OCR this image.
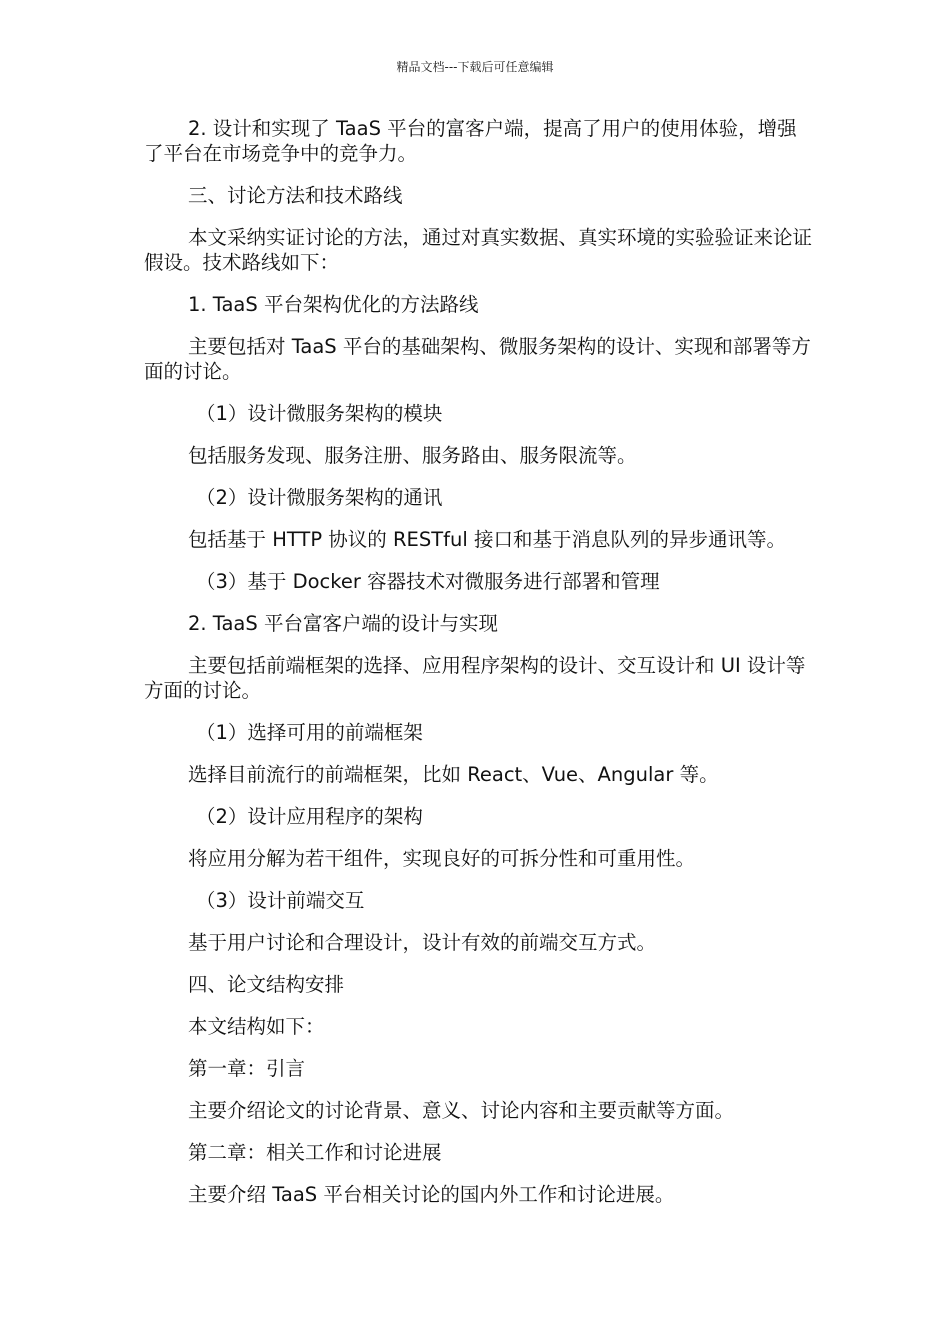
精品文档---下载后可任意编辑

2. 设计和实现了 TaaS 平台的富客户端，提高了用户的使用体验，增强了平台在市场竞争中的竞争力。

三、讨论方法和技术路线

本文采纳实证讨论的方法，通过对真实数据、真实环境的实验验证来论证假设。技术路线如下：

1. TaaS 平台架构优化的方法路线

主要包括对 TaaS 平台的基础架构、微服务架构的设计、实现和部署等方面的讨论。

（1）设计微服务架构的模块

包括服务发现、服务注册、服务路由、服务限流等。

（2）设计微服务架构的通讯

包括基于 HTTP 协议的 RESTful 接口和基于消息队列的异步通讯等。

（3）基于 Docker 容器技术对微服务进行部署和管理

2. TaaS 平台富客户端的设计与实现

主要包括前端框架的选择、应用程序架构的设计、交互设计和 UI 设计等方面的讨论。

（1）选择可用的前端框架

选择目前流行的前端框架，比如 React、Vue、Angular 等。

（2）设计应用程序的架构

将应用分解为若干组件，实现良好的可拆分性和可重用性。

（3）设计前端交互

基于用户讨论和合理设计，设计有效的前端交互方式。

四、论文结构安排

本文结构如下：

第一章：引言

主要介绍论文的讨论背景、意义、讨论内容和主要贡献等方面。

第二章：相关工作和讨论进展

主要介绍 TaaS 平台相关讨论的国内外工作和讨论进展。
